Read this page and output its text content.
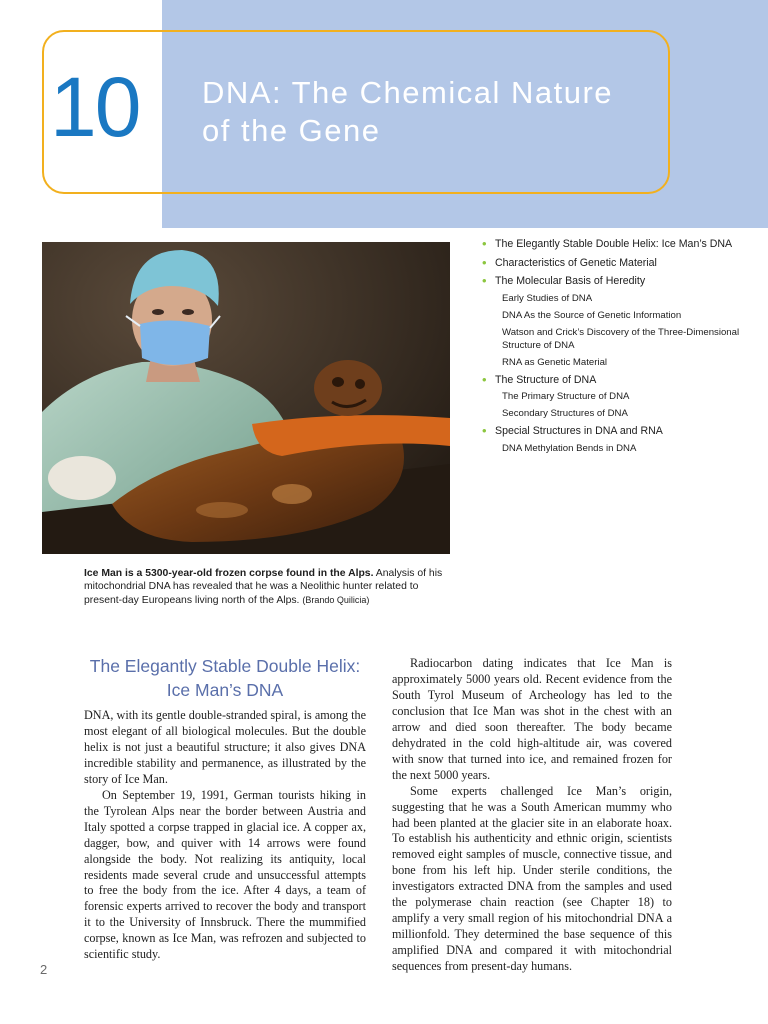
10	DNA: The Chemical Nature
of the Gene
Ice Man is a 5300-year-old frozen corpse found in the Alps. Analysis of his mitochondrial DNA has revealed that he was a Neolithic hunter related to present-day Europeans living north of the Alps. (Brando Quilicia)
• The Elegantly Stable Double Helix: Ice Man’s DNA
• Characteristics of Genetic Material
• The Molecular Basis of Heredity
Early Studies of DNA
DNA As the Source of Genetic Information
Watson and Crick’s Discovery of the Three-Dimensional Structure of DNA
RNA as Genetic Material
• The Structure of DNA
The Primary Structure of DNA
Secondary Structures of DNA
• Special Structures in DNA and RNA
DNA Methylation Bends in DNA
The Elegantly Stable Double Helix:
Ice Man’s DNA

DNA, with its gentle double-stranded spiral, is among the most elegant of all biological molecules. But the double helix is not just a beautiful structure; it also gives DNA incredible stability and permanence, as illustrated by the story of Ice Man.

On September 19, 1991, German tourists hiking in the Tyrolean Alps near the border between Austria and Italy spotted a corpse trapped in glacial ice. A copper ax, dagger, bow, and quiver with 14 arrows were found alongside the body. Not realizing its antiquity, local residents made several crude and unsuccessful attempts to free the body from the ice. After 4 days, a team of forensic experts arrived to recover the body and transport it to the University of Innsbruck. There the mummified corpse, known as Ice Man, was refrozen and subjected to scientific study.

Radiocarbon dating indicates that Ice Man is approximately 5000 years old. Recent evidence from the South Tyrol Museum of Archeology has led to the conclusion that Ice Man was shot in the chest with an arrow and died soon thereafter. The body became dehydrated in the cold high-altitude air, was covered with snow that turned into ice, and remained frozen for the next 5000 years.

Some experts challenged Ice Man’s origin, suggesting that he was a South American mummy who had been planted at the glacier site in an elaborate hoax. To establish his authenticity and ethnic origin, scientists removed eight samples of muscle, connective tissue, and bone from his left hip. Under sterile conditions, the investigators extracted DNA from the samples and used the polymerase chain reaction (see Chapter 18) to amplify a very small region of his mitochondrial DNA a millionfold. They determined the base sequence of this amplified DNA and compared it with mitochondrial sequences from present-day humans.

2
